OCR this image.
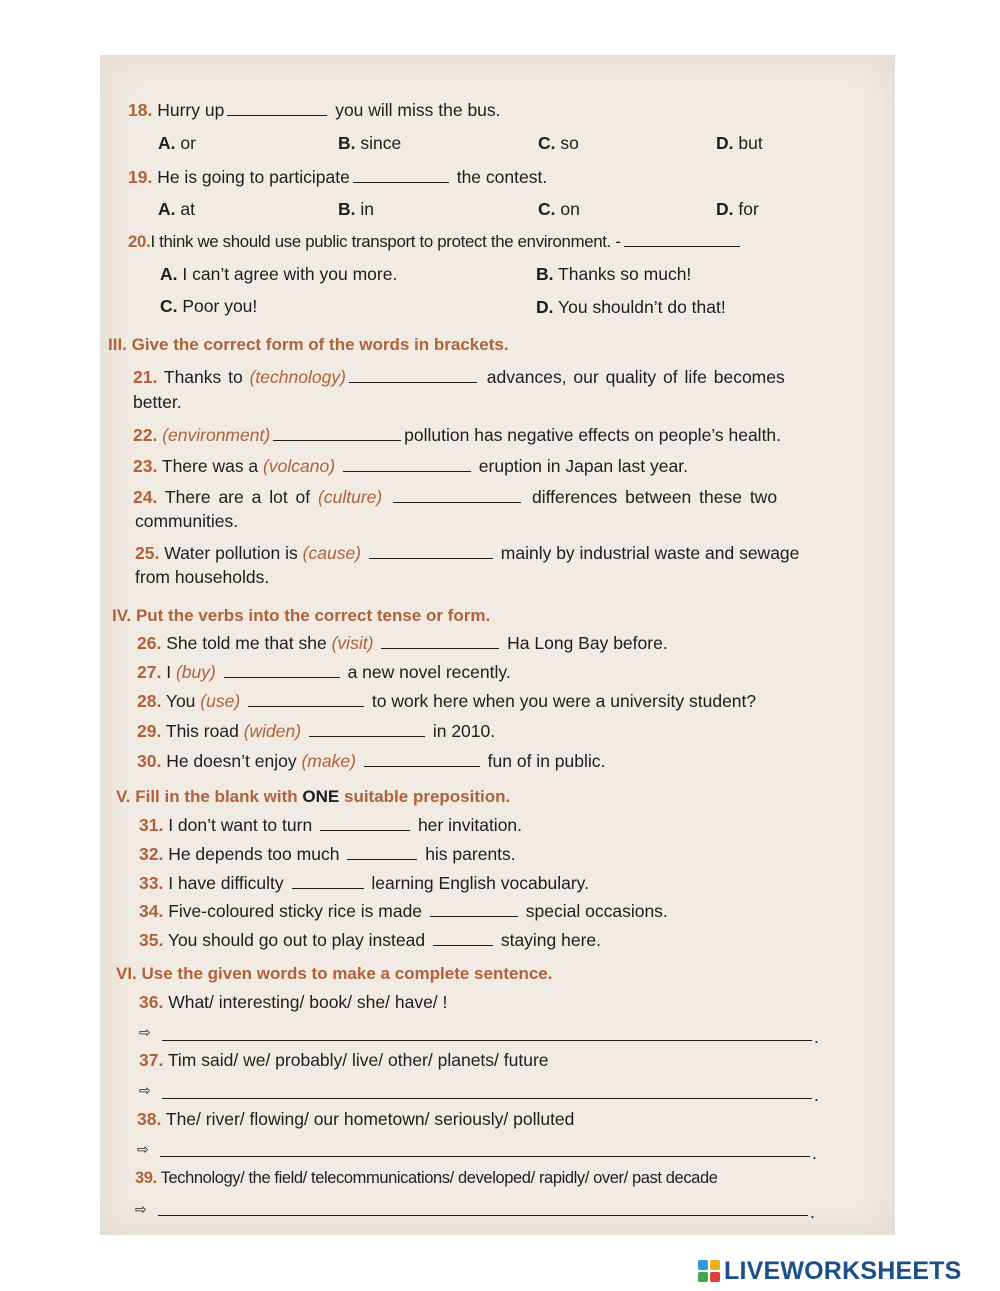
18. Hurry up	you will miss the bus.
A. or	B. since	C. so	D. but
19. He is going to participate	the contest.
A. at	B. in	C. on	D. for
20.I think we should use public transport to protect the environment. -
A. I can’t agree with you more.	B. Thanks so much!
C. Poor you!	D. You shouldn’t do that!
III. Give the correct form of the words in brackets.
21. Thanks to (technology)	advances, our quality of life becomes
better.
22. (environment)	pollution has negative effects on people’s health.
23. There was a (volcano)	eruption in Japan last year.
24. There are a lot of (culture)	differences between these two
communities.
25. Water pollution is (cause)	mainly by industrial waste and sewage
from households.
IV. Put the verbs into the correct tense or form.
26. She told me that she (visit)	Ha Long Bay before.
27. I (buy)	a new novel recently.
28. You (use)	to work here when you were a university student?
29. This road (widen)	in 2010.
30. He doesn’t enjoy (make)	fun of in public.
V. Fill in the blank with ONE suitable preposition.
31. I don’t want to turn	her invitation.
32. He depends too much	his parents.
33. I have difficulty	learning English vocabulary.
34. Five-coloured sticky rice is made	special occasions.
35. You should go out to play instead	staying here.
VI. Use the given words to make a complete sentence.
36. What/ interesting/ book/ she/ have/ !
⇨	.
37. Tim said/ we/ probably/ live/ other/ planets/ future
⇨	.
38. The/ river/ flowing/ our hometown/ seriously/ polluted
⇨	.
39. Technology/ the field/ telecommunications/ developed/ rapidly/ over/ past decade
⇨	.
LIVEWORKSHEETS
